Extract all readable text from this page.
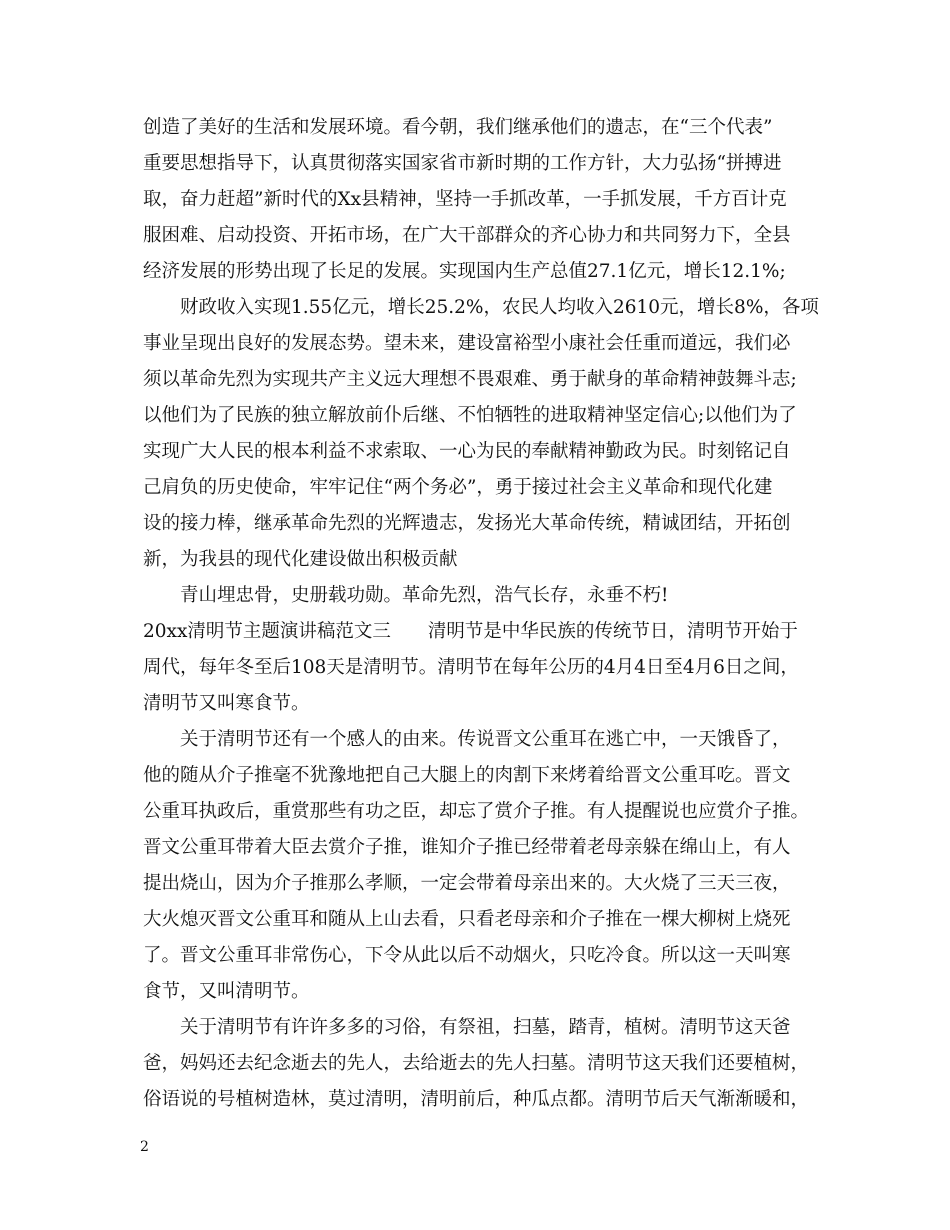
创造了美好的生活和发展环境。看今朝，我们继承他们的遗志，在“三个代表”
重要思想指导下，认真贯彻落实国家省市新时期的工作方针，大力弘扬“拼搏进
取，奋力赶超”新时代的Xx县精神，坚持一手抓改革，一手抓发展，千方百计克
服困难、启动投资、开拓市场，在广大干部群众的齐心协力和共同努力下，全县
经济发展的形势出现了长足的发展。实现国内生产总值27.1亿元，增长12.1%;
　　财政收入实现1.55亿元，增长25.2%，农民人均收入2610元，增长8%，各项
事业呈现出良好的发展态势。望未来，建设富裕型小康社会任重而道远，我们必
须以革命先烈为实现共产主义远大理想不畏艰难、勇于献身的革命精神鼓舞斗志;
以他们为了民族的独立解放前仆后继、不怕牺牲的进取精神坚定信心;以他们为了
实现广大人民的根本利益不求索取、一心为民的奉献精神勤政为民。时刻铭记自
己肩负的历史使命，牢牢记住“两个务必”，勇于接过社会主义革命和现代化建
设的接力棒，继承革命先烈的光辉遗志，发扬光大革命传统，精诚团结，开拓创
新，为我县的现代化建设做出积极贡献
　　青山埋忠骨，史册载功勋。革命先烈，浩气长存，永垂不朽!
20xx清明节主题演讲稿范文三　　清明节是中华民族的传统节日，清明节开始于
周代，每年冬至后108天是清明节。清明节在每年公历的4月4日至4月6日之间，
清明节又叫寒食节。
　　关于清明节还有一个感人的由来。传说晋文公重耳在逃亡中，一天饿昏了，
他的随从介子推毫不犹豫地把自己大腿上的肉割下来烤着给晋文公重耳吃。晋文
公重耳执政后，重赏那些有功之臣，却忘了赏介子推。有人提醒说也应赏介子推。
晋文公重耳带着大臣去赏介子推，谁知介子推已经带着老母亲躲在绵山上，有人
提出烧山，因为介子推那么孝顺，一定会带着母亲出来的。大火烧了三天三夜，
大火熄灭晋文公重耳和随从上山去看，只看老母亲和介子推在一棵大柳树上烧死
了。晋文公重耳非常伤心，下令从此以后不动烟火，只吃冷食。所以这一天叫寒
食节，又叫清明节。
　　关于清明节有许许多多的习俗，有祭祖，扫墓，踏青，植树。清明节这天爸
爸，妈妈还去纪念逝去的先人，去给逝去的先人扫墓。清明节这天我们还要植树，
俗语说的号植树造林，莫过清明，清明前后，种瓜点都。清明节后天气渐渐暖和，
2
